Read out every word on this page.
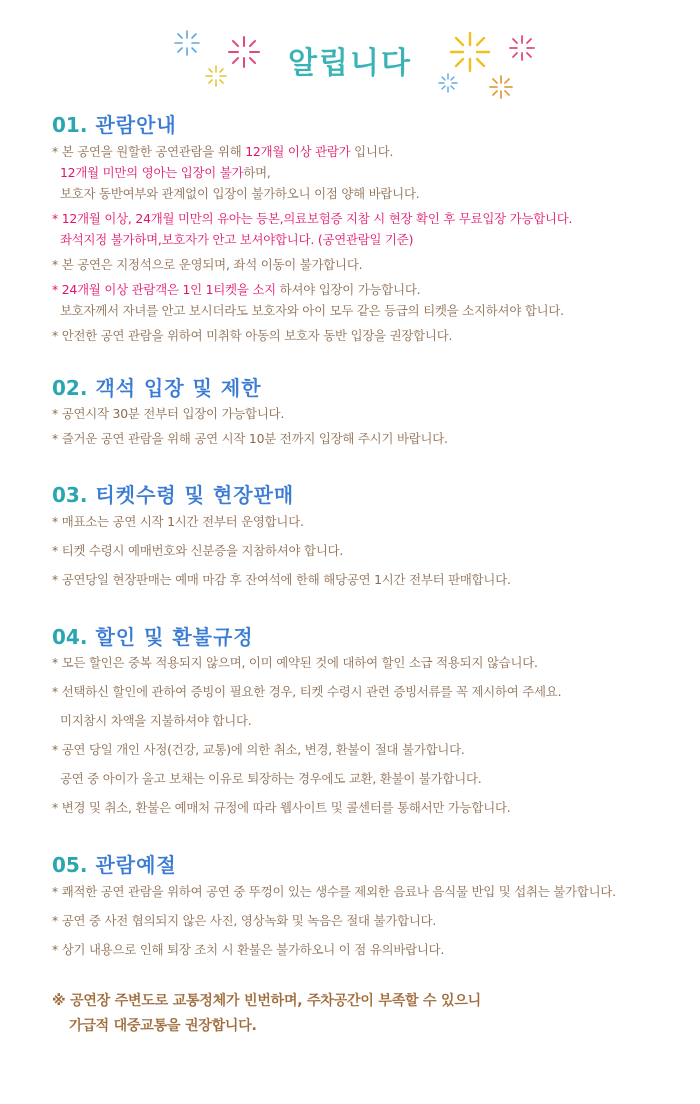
알립니다
01. 관람안내
* 본 공연을 원할한 공연관람을 위해 12개월 이상 관람가 입니다.
12개월 미만의 영아는 입장이 불가하며,
보호자 동반여부와 관계없이 입장이 불가하오니 이점 양해 바랍니다.
* 12개월 이상, 24개월 미만의 유아는 등본,의료보험증 지참 시 현장 확인 후 무료입장 가능합니다.
좌석지정 불가하며,보호자가 안고 보셔야합니다. (공연관람일 기준)
* 본 공연은 지정석으로 운영되며, 좌석 이동이 불가합니다.
* 24개월 이상 관람객은 1인 1티켓을 소지 하셔야 입장이 가능합니다.
보호자께서 자녀를 안고 보시더라도 보호자와 아이 모두 같은 등급의 티켓을 소지하셔야 합니다.
* 안전한 공연 관람을 위하여 미취학 아동의 보호자 동반 입장을 권장합니다.
02. 객석 입장 및 제한
* 공연시작 30분 전부터 입장이 가능합니다.
* 즐거운 공연 관람을 위해 공연 시작 10분 전까지 입장해 주시기 바랍니다.
03. 티켓수령 및 현장판매
* 매표소는 공연 시작 1시간 전부터 운영합니다.
* 티켓 수령시 예매번호와 신분증을 지참하셔야 합니다.
* 공연당일 현장판매는 예매 마감 후 잔여석에 한해 해당공연 1시간 전부터 판매합니다.
04. 할인 및 환불규정
* 모든 할인은 중복 적용되지 않으며, 이미 예약된 것에 대하여 할인 소급 적용되지 않습니다.
* 선택하신 할인에 관하여 증빙이 필요한 경우, 티켓 수령시 관련 증빙서류를 꼭 제시하여 주세요.
미지참시 차액을 지불하셔야 합니다.
* 공연 당일 개인 사정(건강, 교통)에 의한 취소, 변경, 환불이 절대 불가합니다.
공연 중 아이가 울고 보채는 이유로 퇴장하는 경우에도 교환, 환불이 불가합니다.
* 변경 및 취소, 환불은 예매처 규정에 따라 웹사이트 및 콜센터를 통해서만 가능합니다.
05. 관람예절
* 쾌적한 공연 관람을 위하여 공연 중 뚜껑이 있는 생수를 제외한 음료나 음식물 반입 및 섭취는 불가합니다.
* 공연 중 사전 협의되지 않은 사진, 영상녹화 및 녹음은 절대 불가합니다.
* 상기 내용으로 인해 퇴장 조치 시 환불은 불가하오니 이 점 유의바랍니다.
※ 공연장 주변도로 교통정체가 빈번하며, 주차공간이 부족할 수 있으니
가급적 대중교통을 권장합니다.
